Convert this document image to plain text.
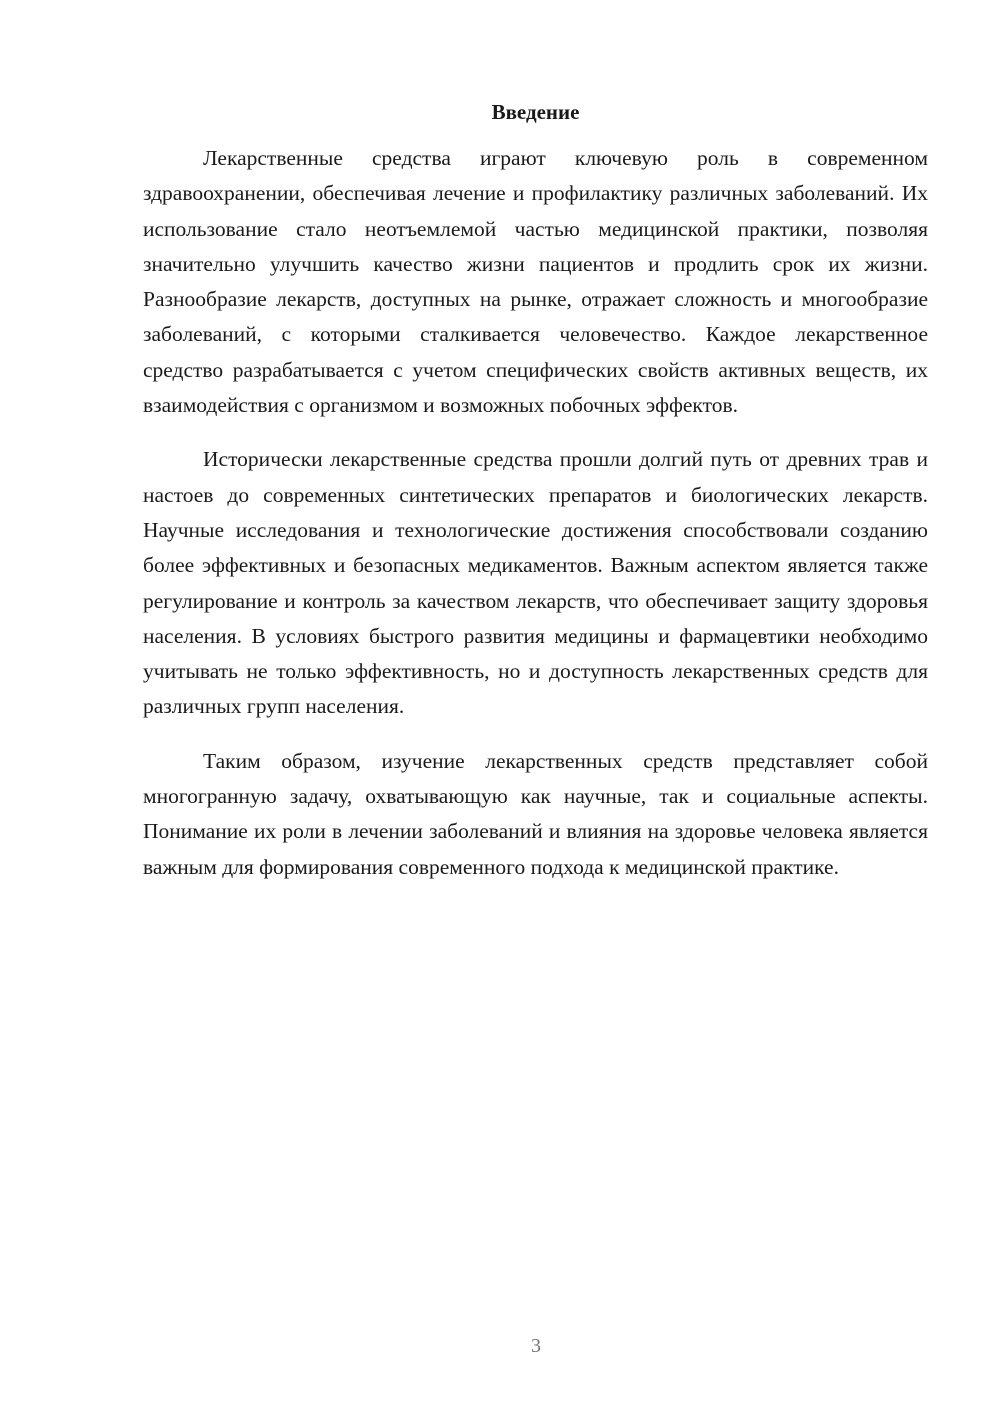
Введение

Лекарственные средства играют ключевую роль в современном здравоохранении, обеспечивая лечение и профилактику различных заболеваний. Их использование стало неотъемлемой частью медицинской практики, позволяя значительно улучшить качество жизни пациентов и продлить срок их жизни. Разнообразие лекарств, доступных на рынке, отражает сложность и многообразие заболеваний, с которыми сталкивается человечество. Каждое лекарственное средство разрабатывается с учетом специфических свойств активных веществ, их взаимодействия с организмом и возможных побочных эффектов.

Исторически лекарственные средства прошли долгий путь от древних трав и настоев до современных синтетических препаратов и биологических лекарств. Научные исследования и технологические достижения способствовали созданию более эффективных и безопасных медикаментов. Важным аспектом является также регулирование и контроль за качеством лекарств, что обеспечивает защиту здоровья населения. В условиях быстрого развития медицины и фармацевтики необходимо учитывать не только эффективность, но и доступность лекарственных средств для различных групп населения.

Таким образом, изучение лекарственных средств представляет собой многогранную задачу, охватывающую как научные, так и социальные аспекты. Понимание их роли в лечении заболеваний и влияния на здоровье человека является важным для формирования современного подхода к медицинской практике.

3
